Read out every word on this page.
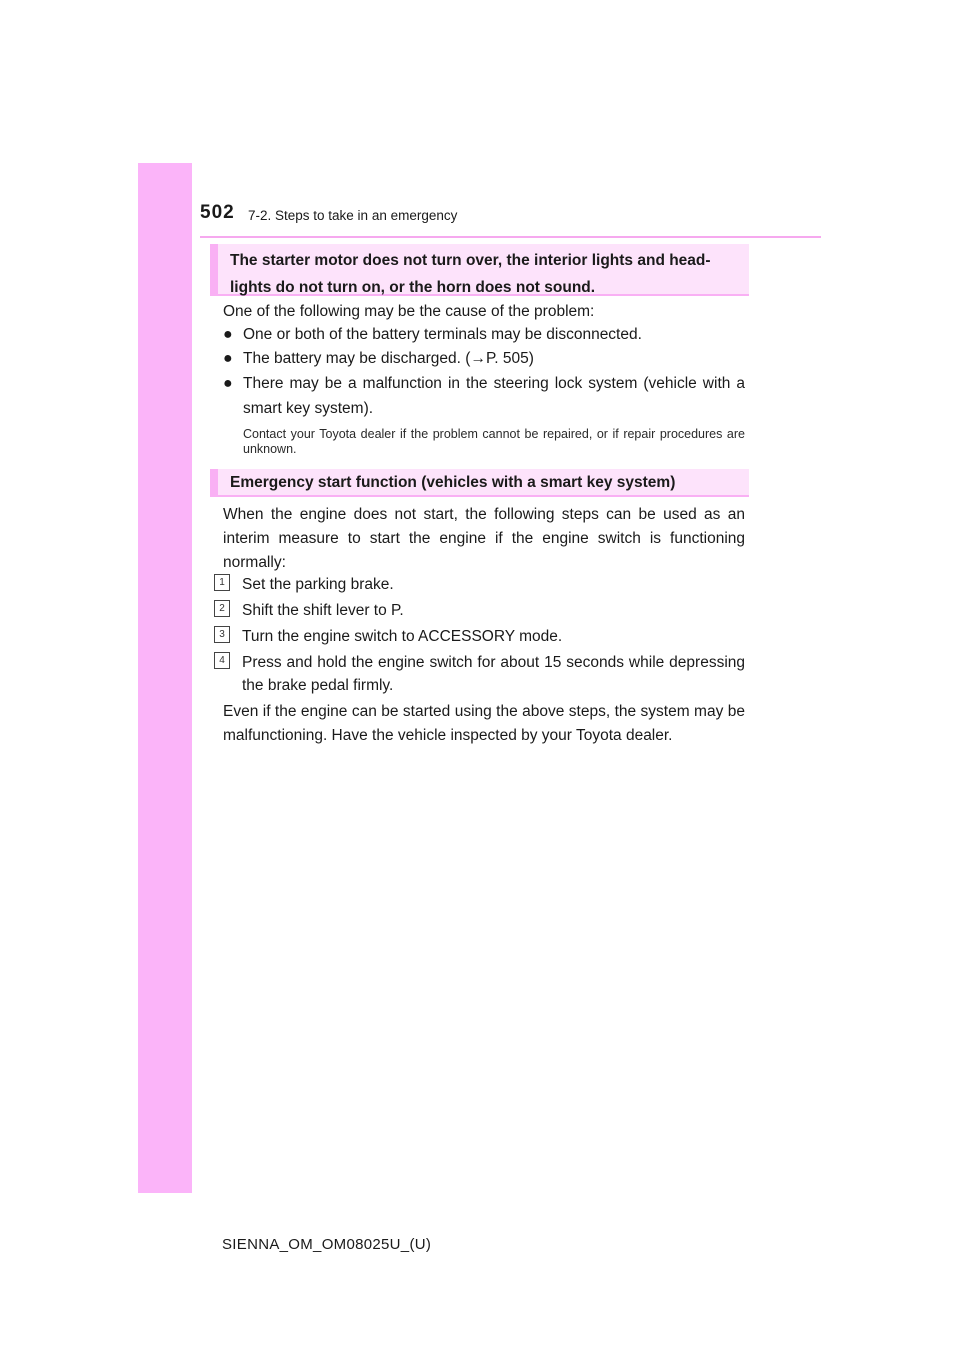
502 7-2. Steps to take in an emergency
The starter motor does not turn over, the interior lights and head-
lights do not turn on, or the horn does not sound.
One of the following may be the cause of the problem:
● One or both of the battery terminals may be disconnected.
● The battery may be discharged. (→P. 505)
● There may be a malfunction in the steering lock system (vehicle with a smart key system).
Contact your Toyota dealer if the problem cannot be repaired, or if repair procedures are unknown.
Emergency start function (vehicles with a smart key system)
When the engine does not start, the following steps can be used as an interim measure to start the engine if the engine switch is functioning normally:
1	Set the parking brake.
2	Shift the shift lever to P.
3	Turn the engine switch to ACCESSORY mode.
4	Press and hold the engine switch for about 15 seconds while depressing the brake pedal firmly.
Even if the engine can be started using the above steps, the system may be malfunctioning. Have the vehicle inspected by your Toyota dealer.
SIENNA_OM_OM08025U_(U)
